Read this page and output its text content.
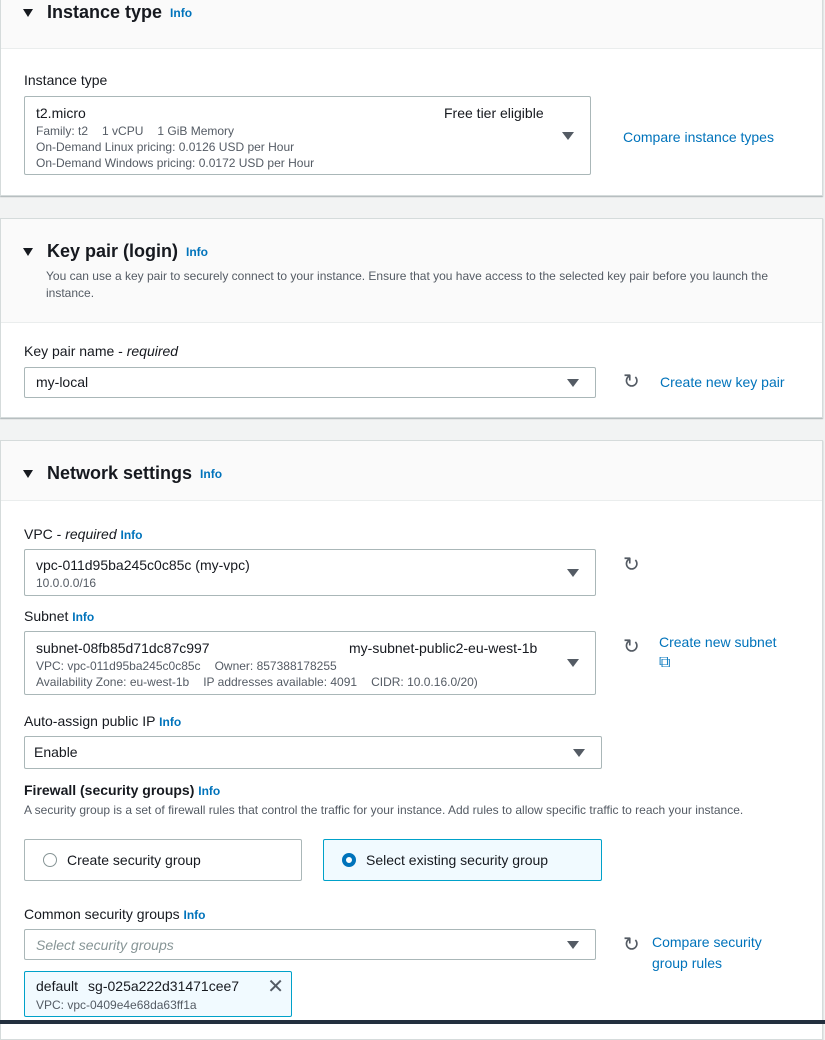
Instance type Info
Instance type
t2.micro	Free tier eligible
Family: t2 1 vCPU 1 GiB Memory
On-Demand Linux pricing: 0.0126 USD per Hour
On-Demand Windows pricing: 0.0172 USD per Hour
Compare instance types
Key pair (login) Info
You can use a key pair to securely connect to your instance. Ensure that you have access to the selected key pair before you launch the instance.
Key pair name - required
my-local	↻ Create new key pair
Network settings Info
VPC - required Info
vpc-011d95ba245c0c85c (my-vpc)
10.0.0.0/16
↻
Subnet Info
subnet-08fb85d71dc87c997	my-subnet-public2-eu-west-1b
VPC: vpc-011d95ba245c0c85c Owner: 857388178255
Availability Zone: eu-west-1b IP addresses available: 4091 CIDR: 10.0.16.0/20)
↻ Create new subnet
⧉
Auto-assign public IP Info
Enable
Firewall (security groups) Info
A security group is a set of firewall rules that control the traffic for your instance. Add rules to allow specific traffic to reach your instance.
Create security group	Select existing security group
Common security groups Info
Select security groups	↻ Compare security
group rules
default sg-025a222d31471cee7
VPC: vpc-0409e4e68da63ff1a
✕
